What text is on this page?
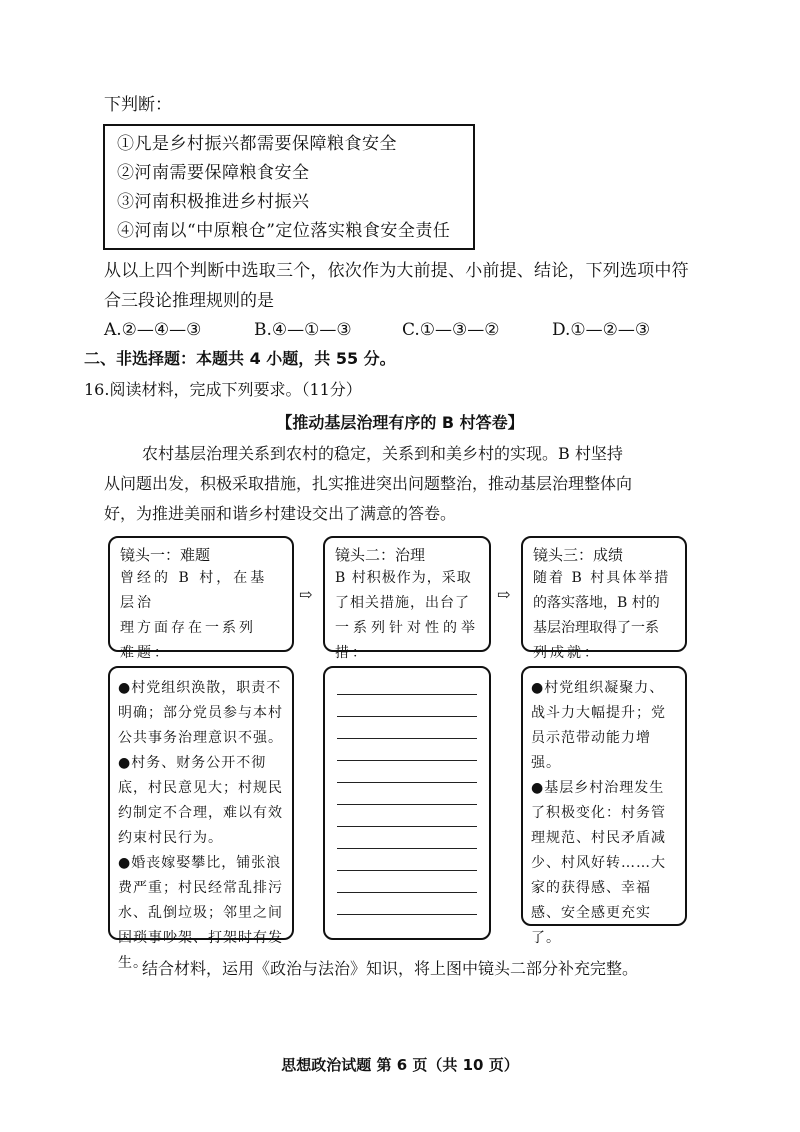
下判断：
①凡是乡村振兴都需要保障粮食安全
②河南需要保障粮食安全
③河南积极推进乡村振兴
④河南以“中原粮仓”定位落实粮食安全责任
从以上四个判断中选取三个，依次作为大前提、小前提、结论，下列选项中符
合三段论推理规则的是
A.②—④—③	B.④—①—③	C.①—③—②	D.①—②—③
二、非选择题：本题共 4 小题，共 55 分。
16.阅读材料，完成下列要求。（11分）
【推动基层治理有序的 B 村答卷】
农村基层治理关系到农村的稳定，关系到和美乡村的实现。B 村坚持
从问题出发，积极采取措施，扎实推进突出问题整治，推动基层治理整体向
好，为推进美丽和谐乡村建设交出了满意的答卷。
镜头一：难题
曾经的 B 村，在基层治
理方面存在一系列
难题：
⇨
镜头二：治理
B 村积极作为，采取
了相关措施，出台了
一系列针对性的举
措：
⇨
镜头三：成绩
随着 B 村具体举措
的落实落地，B 村的
基层治理取得了一系
列成就：
●村党组织涣散，职责不明确；部分党员参与本村公共事务治理意识不强。
●村务、财务公开不彻底，村民意见大；村规民约制定不合理，难以有效约束村民行为。
●婚丧嫁娶攀比，铺张浪费严重；村民经常乱排污水、乱倒垃圾；邻里之间因琐事吵架、打架时有发生。
●村党组织凝聚力、战斗力大幅提升；党员示范带动能力增强。
●基层乡村治理发生了积极变化：村务管理规范、村民矛盾减少、村风好转……大家的获得感、幸福感、安全感更充实了。
结合材料，运用《政治与法治》知识，将上图中镜头二部分补充完整。
思想政治试题 第 6 页（共 10 页）
